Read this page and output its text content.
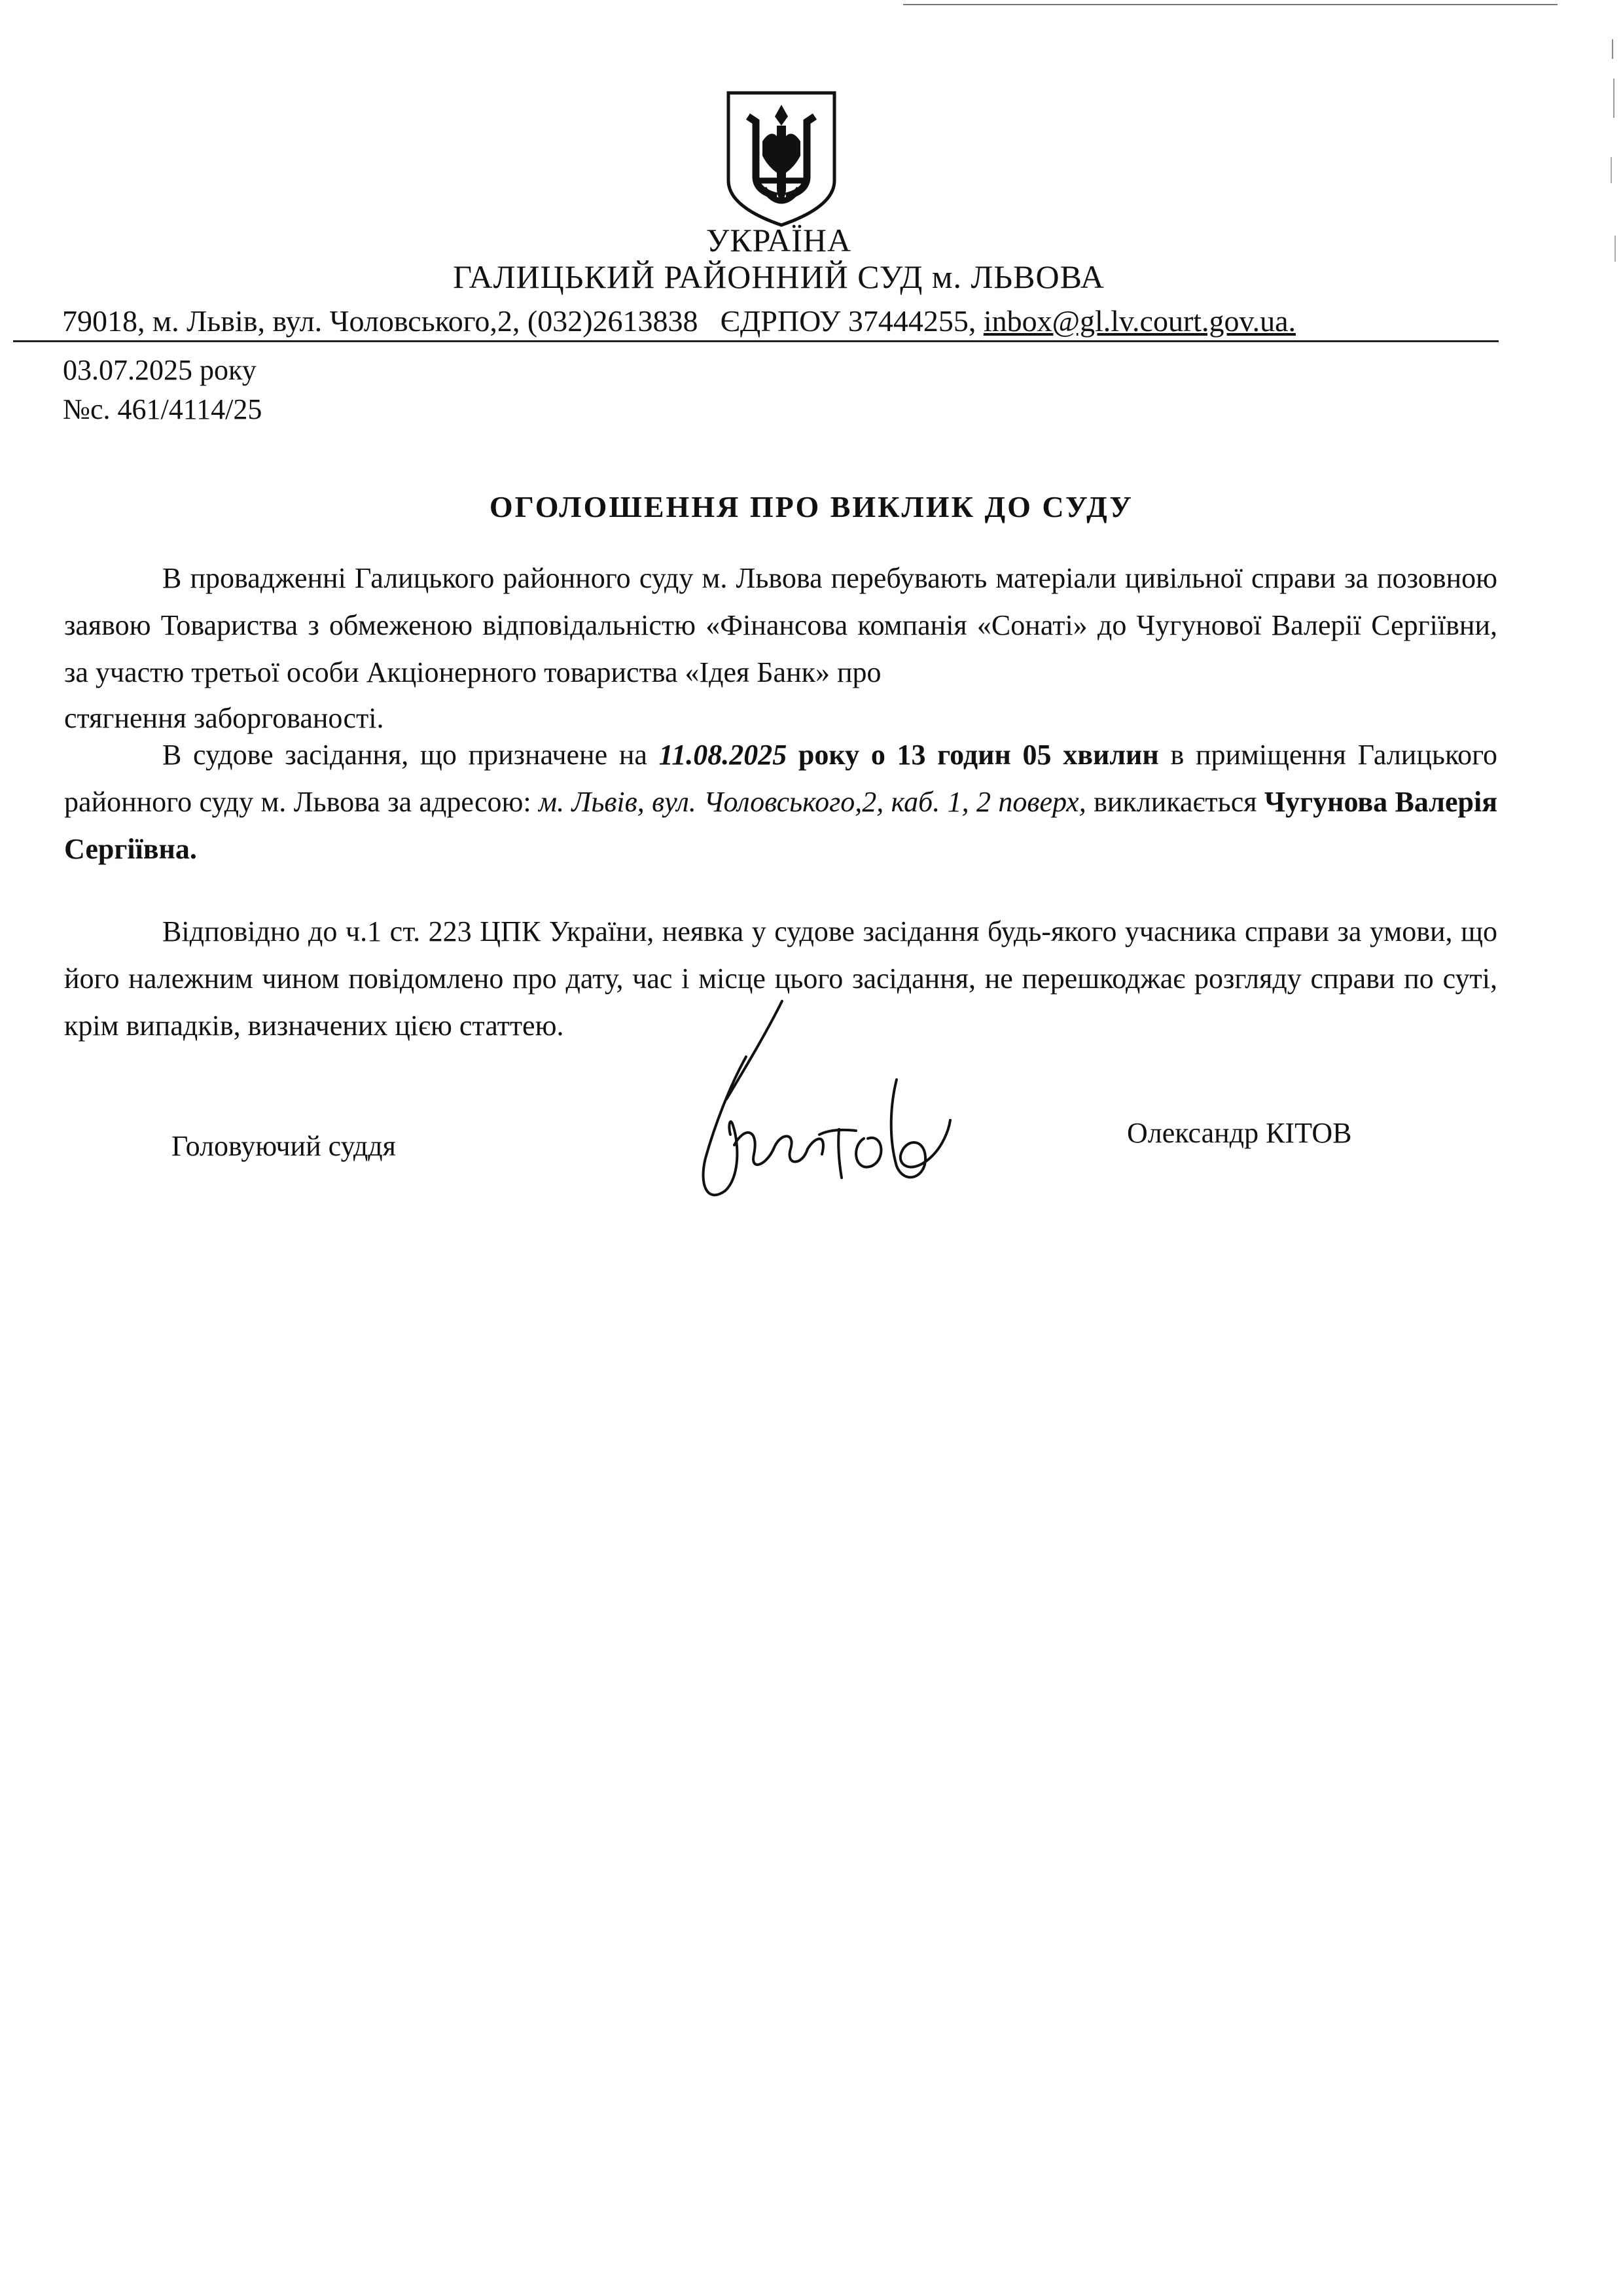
УКРАЇНА
ГАЛИЦЬКИЙ РАЙОННИЙ СУД м. ЛЬВОВА
79018, м. Львів, вул. Чоловського,2, (032)2613838 ЄДРПОУ 37444255, inbox@gl.lv.court.gov.ua.
03.07.2025 року
№с. 461/4114/25
ОГОЛОШЕННЯ ПРО ВИКЛИК ДО СУДУ
В провадженні Галицького районного суду м. Львова перебувають матеріали цивільної справи за позовною заявою Товариства з обмеженою відповідальністю «Фінансова компанія «Сонаті» до Чугунової Валерії Сергіївни, за участю третьої особи Акціонерного товариства «Ідея Банк» про
стягнення заборгованості.
В судове засідання, що призначене на 11.08.2025 року о 13 годин 05 хвилин в приміщення Галицького районного суду м. Львова за адресою: м. Львів, вул. Чоловського,2, каб. 1, 2 поверх, викликається Чугунова Валерія Сергіївна.
Відповідно до ч.1 ст. 223 ЦПК України, неявка у судове засідання будь-якого учасника справи за умови, що його належним чином повідомлено про дату, час і місце цього засідання, не перешкоджає розгляду справи по суті, крім випадків, визначених цією статтею.
Головуючий суддя	Олександр КІТОВ
